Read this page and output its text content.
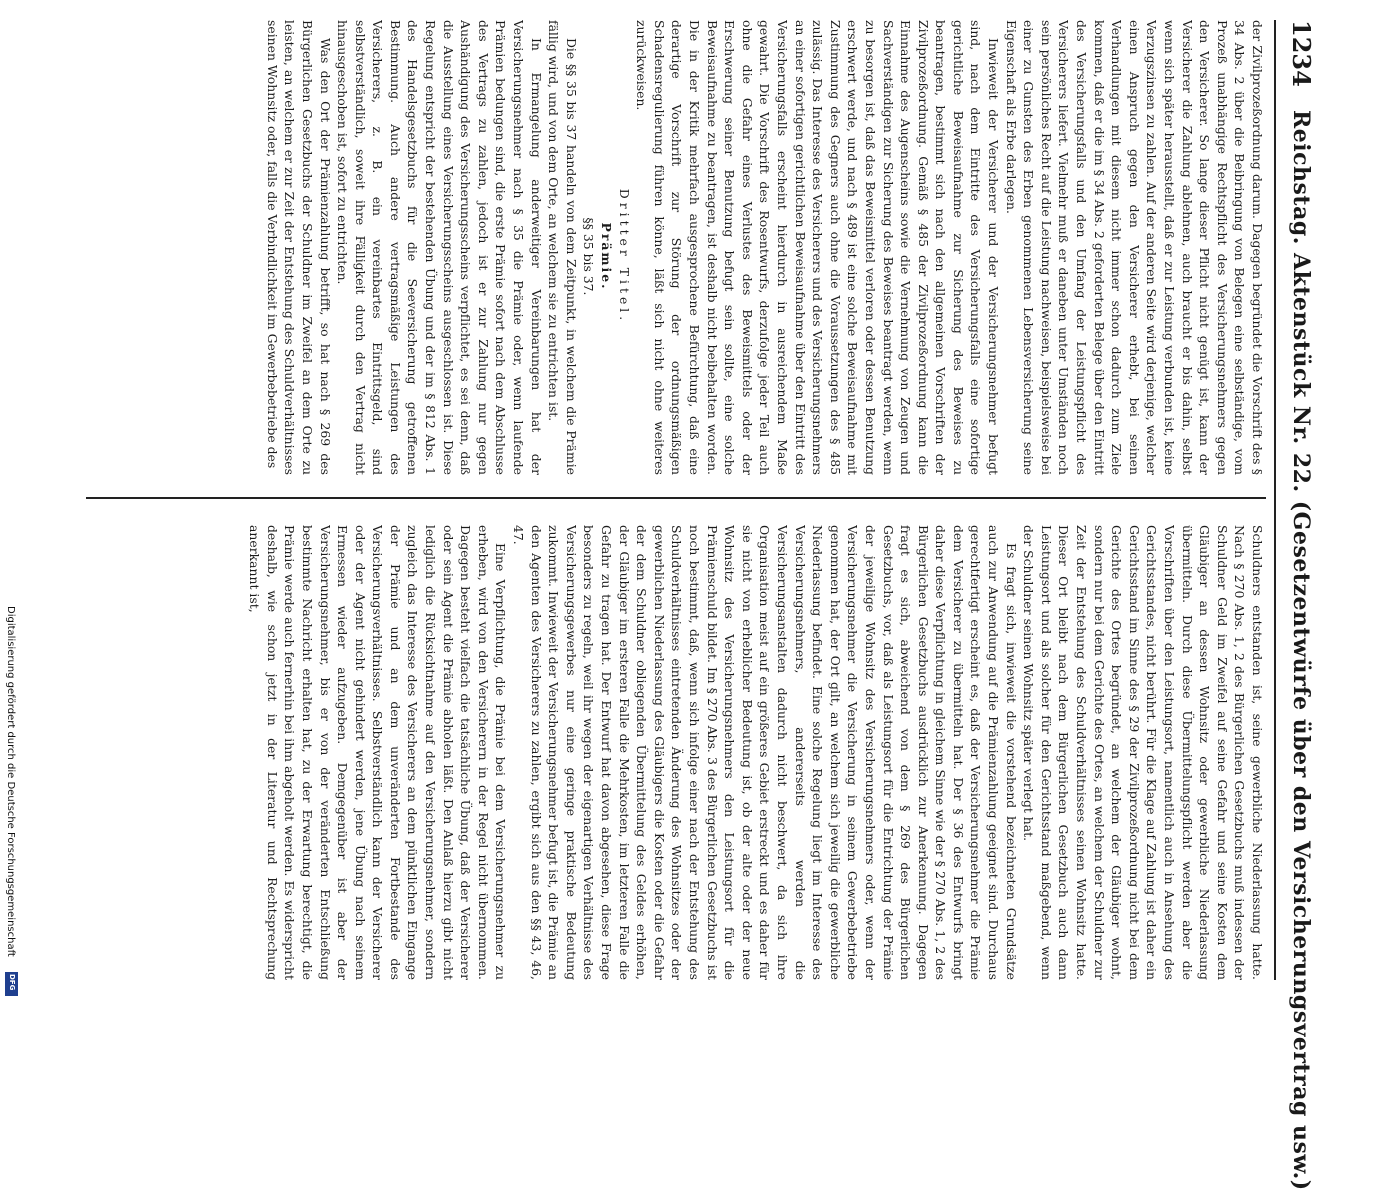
1234
Reichstag. Aktenstück Nr. 22. (Gesetzentwürfe über den Versicherungsvertrag usw.)

der Zivilprozeßordnung darum. Dagegen begründet die Vorschrift des § 34 Abs. 2 über die Beibringung von Belegen eine selbständige, vom Prozeß unabhängige Rechtspflicht des Versicherungsnehmers gegen den Versicherer. So lange dieser Pflicht nicht genügt ist, kann der Versicherer die Zahlung ablehnen, auch braucht er bis dahin, selbst wenn sich später herausstellt, daß er zur Leistung verbunden ist, keine Verzugszinsen zu zahlen. Auf der anderen Seite wird derjenige, welcher einen Anspruch gegen den Versicherer erhebt, bei seinen Verhandlungen mit diesem nicht immer schon dadurch zum Ziele kommen, daß er die im § 34 Abs. 2 geforderten Belege über den Eintritt des Versicherungsfalls und den Umfang der Leistungspflicht des Versicherers liefert. Vielmehr muß er daneben unter Umständen noch sein persönliches Recht auf die Leistung nachweisen, beispielsweise bei einer zu Gunsten des Erben genommenen Lebensversicherung seine Eigenschaft als Erbe darlegen.

Inwieweit der Versicherer und der Versicherungsnehmer befugt sind, nach dem Eintritte des Versicherungsfalls eine sofortige gerichtliche Beweisaufnahme zur Sicherung des Beweises zu beantragen, bestimmt sich nach den allgemeinen Vorschriften der Zivilprozeßordnung. Gemäß § 485 der Zivilprozeßordnung kann die Einnahme des Augenscheins sowie die Vernehmung von Zeugen und Sachverständigen zur Sicherung des Beweises beantragt werden, wenn zu besorgen ist, daß das Beweismittel verloren oder dessen Benutzung erschwert werde, und nach § 489 ist eine solche Beweisaufnahme mit Zustimmung des Gegners auch ohne die Voraussetzungen des § 485 zulässig. Das Interesse des Versicherers und des Versicherungsnehmers an einer sofortigen gerichtlichen Beweisaufnahme über den Eintritt des Versicherungsfalls erscheint hierdurch in ausreichendem Maße gewahrt. Die Vorschrift des Rosentwurfs, derzufolge jeder Teil auch ohne die Gefahr eines Verlustes des Beweismittels oder der Erschwerung seiner Benutzung befugt sein sollte, eine solche Beweisaufnahme zu beantragen, ist deshalb nicht beibehalten worden. Die in der Kritik mehrfach ausgesprochene Befürchtung, daß eine derartige Vorschrift zur Störung der ordnungsmäßigen Schadensregulierung führen könne, läßt sich nicht ohne weiteres zurückweisen.

Dritter Titel.

Prämie.

§§ 35 bis 37.

Die §§ 35 bis 37 handeln von dem Zeitpunkt, in welchem die Prämie fällig wird, und von dem Orte, an welchem sie zu entrichten ist.

In Ermangelung anderweitiger Vereinbarungen hat der Versicherungsnehmer nach § 35 die Prämie oder, wenn laufende Prämien bedungen sind, die erste Prämie sofort nach dem Abschlusse des Vertrags zu zahlen, jedoch ist er zur Zahlung nur gegen Aushändigung des Versicherungsscheins verpflichtet, es sei denn, daß die Ausstellung eines Versicherungsscheins ausgeschlossen ist. Diese Regelung entspricht der bestehenden Übung und der im § 812 Abs. 1 des Handelsgesetzbuchs für die Seeversicherung getroffenen Bestimmung. Auch andere vertragsmäßige Leistungen des Versicherers, z. B. ein vereinbartes Eintrittsgeld, sind selbstverständlich, soweit ihre Fälligkeit durch den Vertrag nicht hinausgeschoben ist, sofort zu entrichten.

Was den Ort der Prämienzahlung betrifft, so hat nach § 269 des Bürgerlichen Gesetzbuchs der Schuldner im Zweifel an dem Orte zu leisten, an welchem er zur Zeit der Entstehung des Schuldverhältnisses seinen Wohnsitz oder, falls die Verbindlichkeit im Gewerbebetriebe des

Schuldners entstanden ist, seine gewerbliche Niederlassung hatte. Nach § 270 Abs. 1, 2 des Bürgerlichen Gesetzbuchs muß indessen der Schuldner Geld im Zweifel auf seine Gefahr und seine Kosten dem Gläubiger an dessen Wohnsitz oder gewerbliche Niederlassung übermitteln. Durch diese Übermittelungspflicht werden aber die Vorschriften über den Leistungsort, namentlich auch in Ansehung des Gerichtsstandes, nicht berührt. Für die Klage auf Zahlung ist daher ein Gerichtsstand im Sinne des § 29 der Zivilprozeßordnung nicht bei dem Gerichte des Ortes begründet, an welchem der Gläubiger wohnt, sondern nur bei dem Gerichte des Ortes, an welchem der Schuldner zur Zeit der Entstehung des Schuldverhältnisses seinen Wohnsitz hatte. Dieser Ort bleibt nach dem Bürgerlichen Gesetzbuch auch dann Leistungsort und als solcher für den Gerichtsstand maßgebend, wenn der Schuldner seinen Wohnsitz später verlegt hat.

Es fragt sich, inwieweit die vorstehend bezeichneten Grundsätze auch zur Anwendung auf die Prämienzahlung geeignet sind. Durchaus gerechtfertigt erscheint es, daß der Versicherungsnehmer die Prämie dem Versicherer zu übermitteln hat. Der § 36 des Entwurfs bringt daher diese Verpflichtung in gleichem Sinne wie der § 270 Abs. 1, 2 des Bürgerlichen Gesetzbuchs ausdrücklich zur Anerkennung. Dagegen fragt es sich, abweichend von dem § 269 des Bürgerlichen Gesetzbuchs, vor, daß als Leistungsort für die Entrichtung der Prämie der jeweilige Wohnsitz des Versicherungsnehmers oder, wenn der Versicherungsnehmer die Versicherung in seinem Gewerbebetriebe genommen hat, der Ort gilt, an welchem sich jeweilig die gewerbliche Niederlassung befindet. Eine solche Regelung liegt im Interesse des Versicherungsnehmers, andererseits werden die Versicherungsanstalten dadurch nicht beschwert, da sich ihre Organisation meist auf ein größeres Gebiet erstreckt und es daher für sie nicht von erheblicher Bedeutung ist, ob der alte oder der neue Wohnsitz des Versicherungsnehmers den Leistungsort für die Prämienschuld bildet. Im § 270 Abs. 3 des Bürgerlichen Gesetzbuchs ist noch bestimmt, daß, wenn sich infolge einer nach der Entstehung des Schuldverhältnisses eintretenden Änderung des Wohnsitzes oder der gewerblichen Niederlassung des Gläubigers die Kosten oder die Gefahr der dem Schuldner obliegenden Übermittelung des Geldes erhöhen, der Gläubiger im ersteren Falle die Mehrkosten, im letzteren Falle die Gefahr zu tragen hat. Der Entwurf hat davon abgesehen, diese Frage besonders zu regeln, weil ihr wegen der eigenartigen Verhältnisse des Versicherungsgewerbes nur eine geringe praktische Bedeutung zukommt. Inwieweit der Versicherungsnehmer befugt ist, die Prämie an den Agenten des Versicherers zu zahlen, ergibt sich aus den §§ 43, 46, 47.

Eine Verpflichtung, die Prämie bei dem Versicherungsnehmer zu erheben, wird von den Versicherern in der Regel nicht übernommen. Dagegen besteht vielfach die tatsächliche Übung, daß der Versicherer oder sein Agent die Prämie abholen läßt. Den Anlaß hierzu gibt nicht lediglich die Rücksichtnahme auf den Versicherungsnehmer, sondern zugleich das Interesse des Versicherers an dem pünktlichen Eingange der Prämie und an dem unveränderten Fortbestande des Versicherungsverhältnisses. Selbstverständlich kann der Versicherer oder der Agent nicht gehindert werden, jene Übung nach seinem Ermessen wieder aufzugeben. Demgegenüber ist aber der Versicherungsnehmer, bis er von der veränderten Entschließung bestimmte Nachricht erhalten hat, zu der Erwartung berechtigt, die Prämie werde auch fernerhin bei ihm abgeholt werden. Es widerspricht deshalb, wie schon jetzt in der Literatur und Rechtsprechung anerkannt ist,

Digitalisierung gefördert durch die Deutsche Forschungsgemeinschaft
DFG
